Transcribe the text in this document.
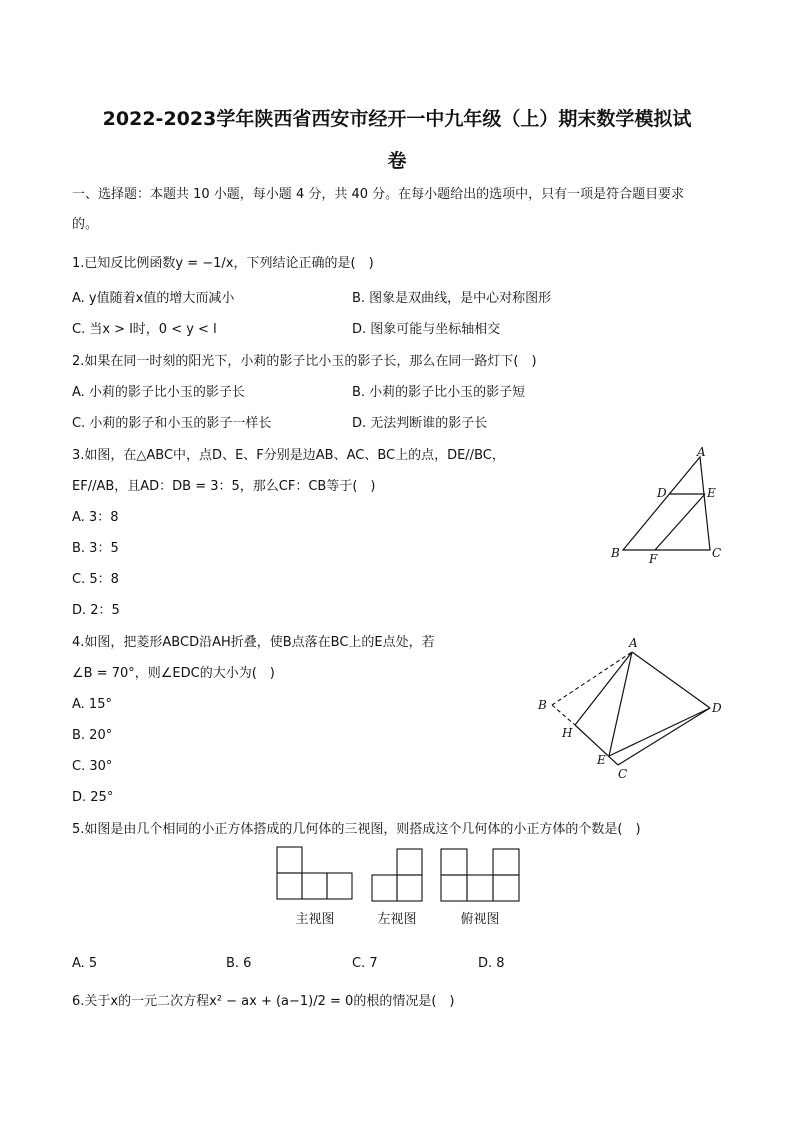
2022-2023学年陕西省西安市经开一中九年级（上）期末数学模拟试
卷
一、选择题：本题共 10 小题，每小题 4 分，共 40 分。在每小题给出的选项中，只有一项是符合题目要求
的。
1.已知反比例函数y = −1/x，下列结论正确的是(　)
A. y值随着x值的增大而减小	B. 图象是双曲线，是中心对称图形
C. 当x > l时，0 < y < l	D. 图象可能与坐标轴相交
2.如果在同一时刻的阳光下，小莉的影子比小玉的影子长，那么在同一路灯下(　)
A. 小莉的影子比小玉的影子长	B. 小莉的影子比小玉的影子短
C. 小莉的影子和小玉的影子一样长	D. 无法判断谁的影子长
3.如图，在△ABC中，点D、E、F分别是边AB、AC、BC上的点，DE//BC，
EF//AB，且AD：DB = 3：5，那么CF：CB等于(　)
A. 3：8
B. 3：5
C. 5：8
D. 2：5
A
D	E
B F	C
4.如图，把菱形ABCD沿AH折叠，使B点落在BC上的E点处，若
∠B = 70°，则∠EDC的大小为(　)
A. 15°
B. 20°
C. 30°
D. 25°
A
B
H
D
E
C
5.如图是由几个相同的小正方体搭成的几何体的三视图，则搭成这个几何体的小正方体的个数是(　)
主视图	左视图	俯视图
A. 5	B. 6	C. 7	D. 8
6.关于x的一元二次方程x² − ax + (a−1)/2 = 0的根的情况是(　)
